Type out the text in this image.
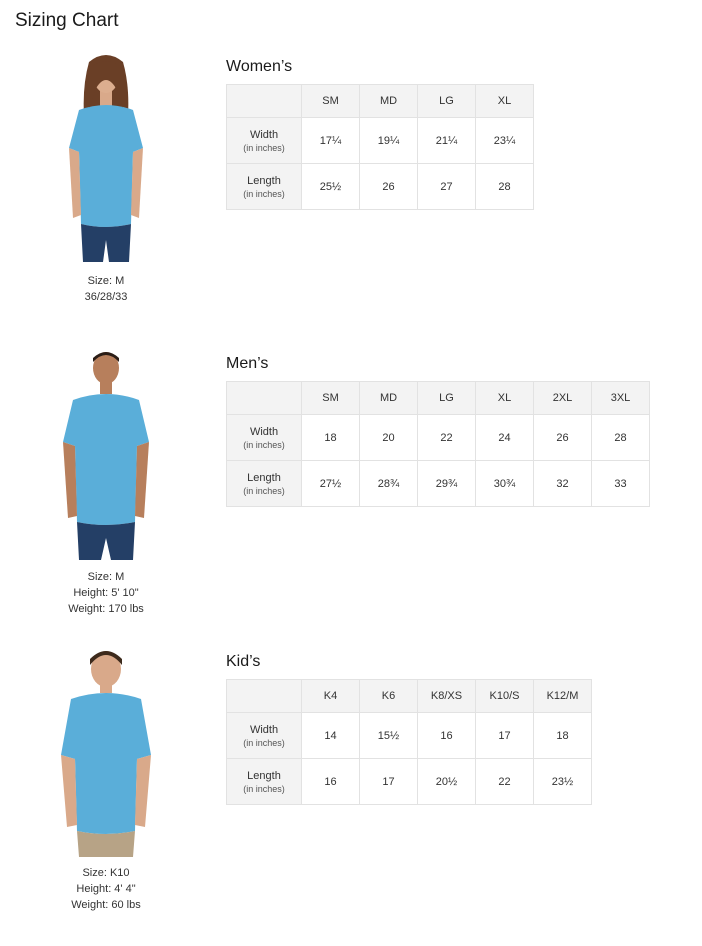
Sizing Chart
Size: M
36/28/33
Women’s
	SM	MD	LG	XL

Width
(in inches)	17¼	19¼	21¼	23¼

Length
(in inches)	25½	26	27	28
Size: M
Height: 5' 10"
Weight: 170 lbs
Men’s
	SM	MD	LG	XL	2XL	3XL

Width
(in inches)	18	20	22	24	26	28

Length
(in inches)	27½	28¾	29¾	30¾	32	33
Size: K10
Height: 4' 4"
Weight: 60 lbs
Kid’s
	K4	K6	K8/XS	K10/S	K12/M

Width
(in inches)	14	15½	16	17	18

Length
(in inches)	16	17	20½	22	23½
